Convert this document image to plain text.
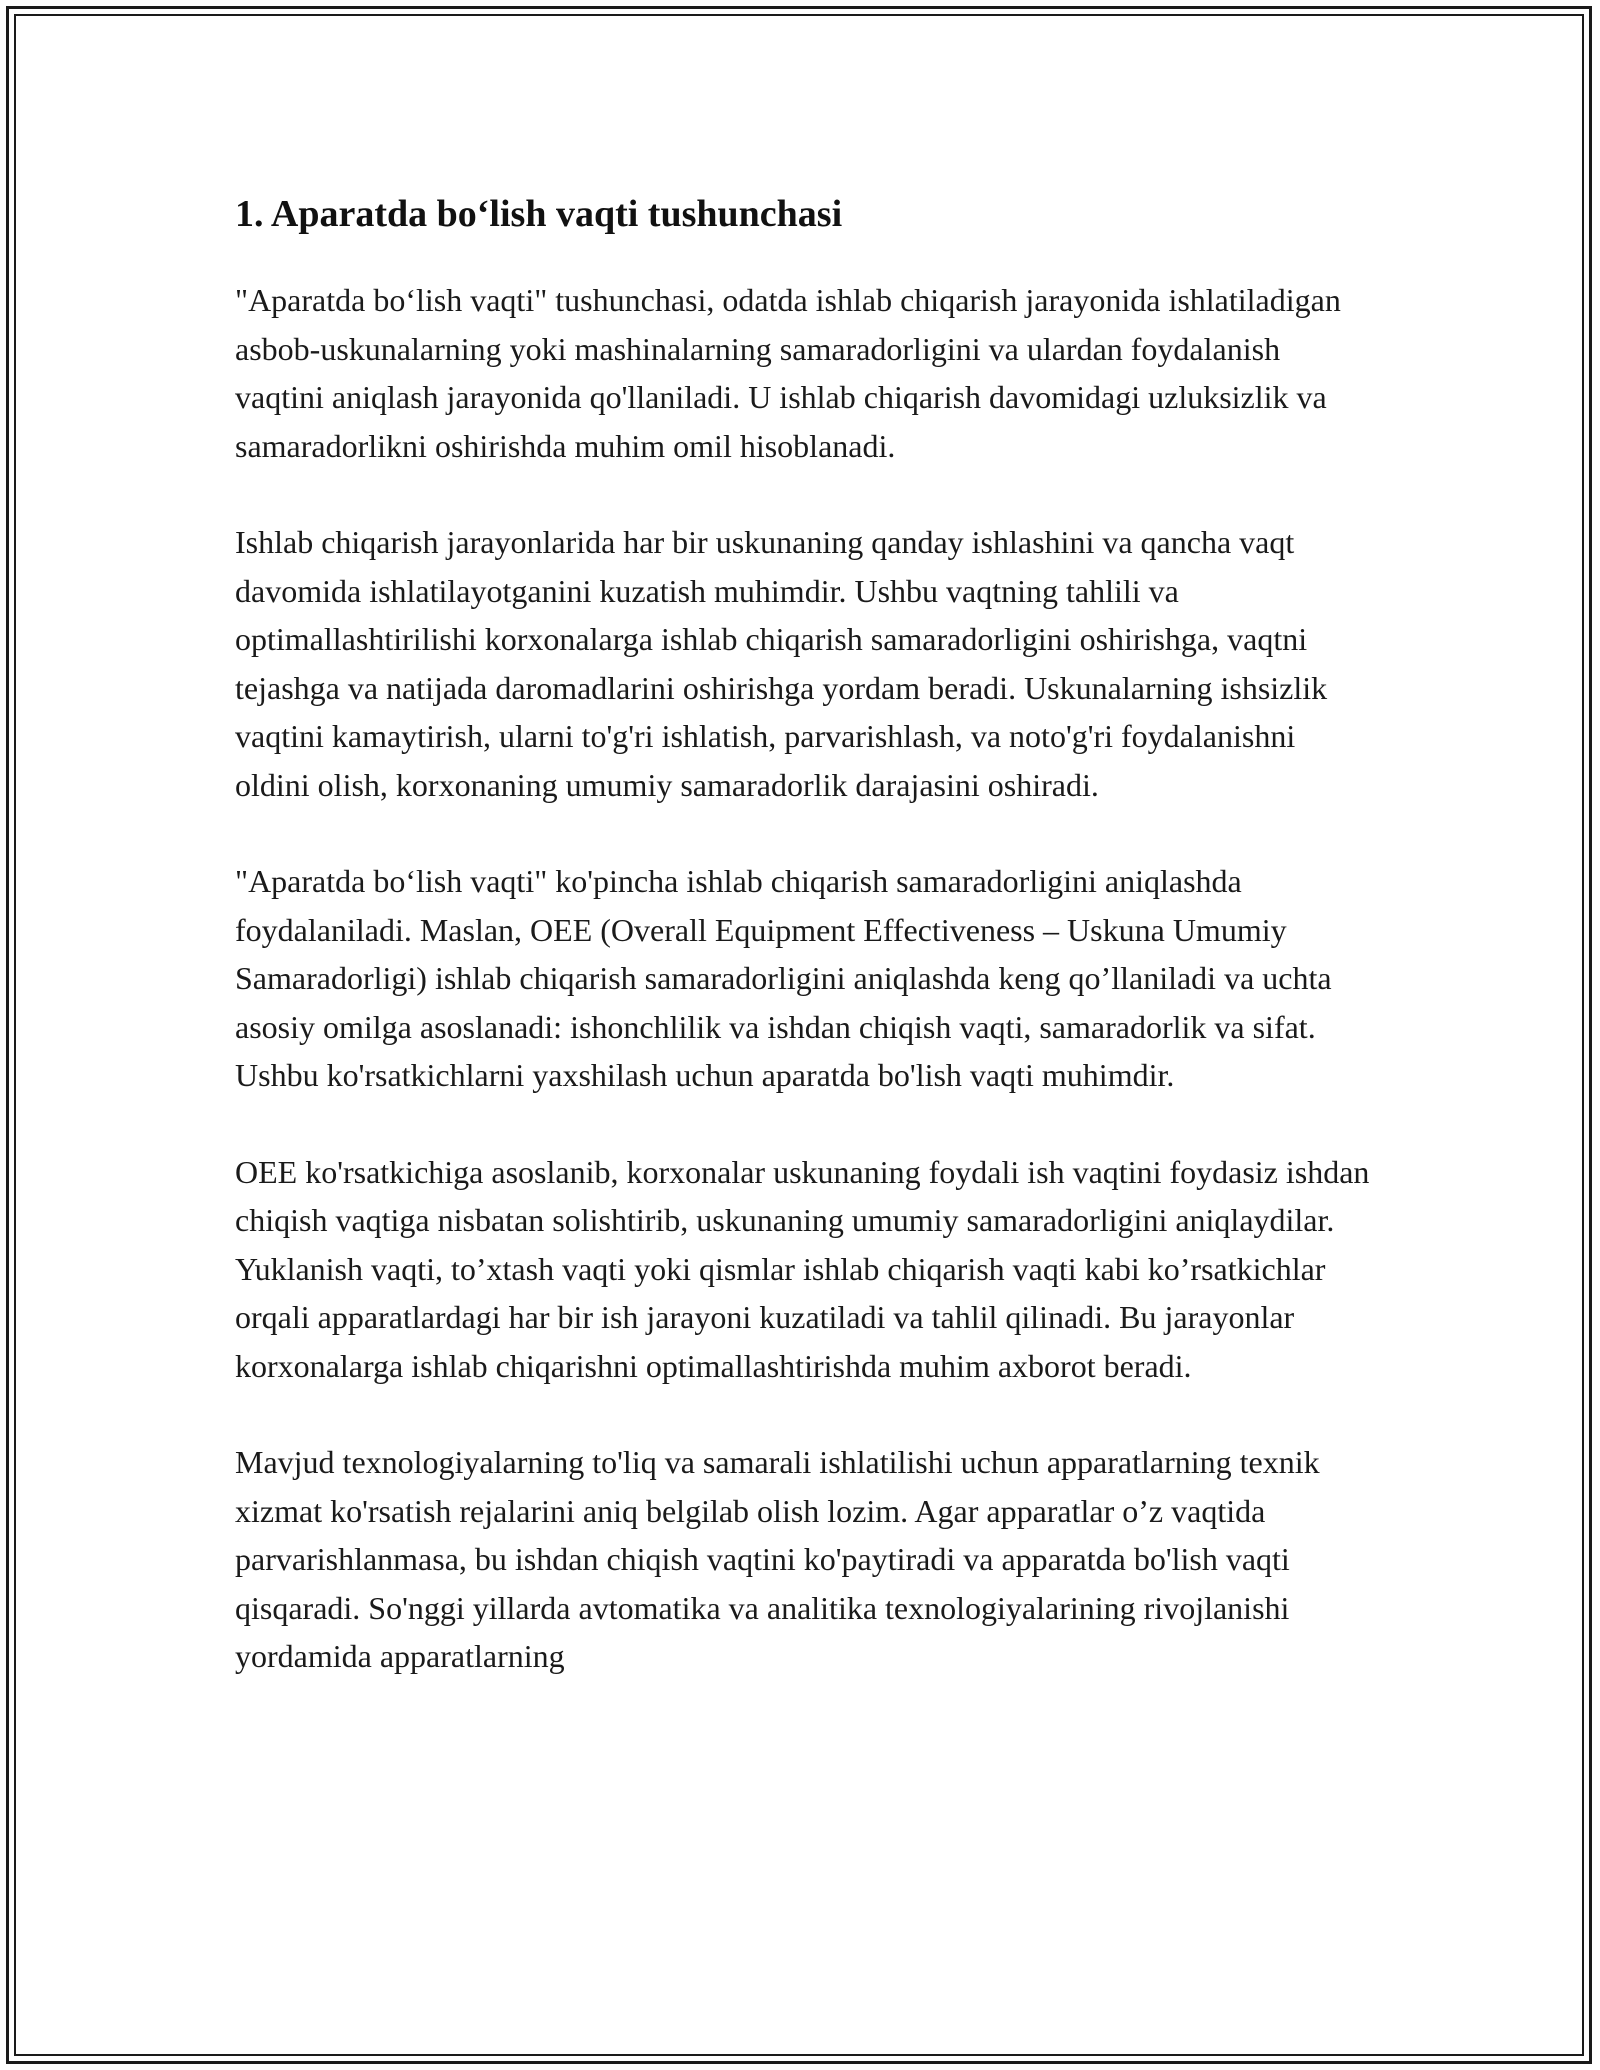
1. Aparatda bo‘lish vaqti tushunchasi

"Aparatda bo‘lish vaqti" tushunchasi, odatda ishlab chiqarish jarayonida ishlatiladigan asbob-uskunalarning yoki mashinalarning samaradorligini va ulardan foydalanish vaqtini aniqlash jarayonida qo'llaniladi. U ishlab chiqarish davomidagi uzluksizlik va samaradorlikni oshirishda muhim omil hisoblanadi.

Ishlab chiqarish jarayonlarida har bir uskunaning qanday ishlashini va qancha vaqt davomida ishlatilayotganini kuzatish muhimdir. Ushbu vaqtning tahlili va optimallashtirilishi korxonalarga ishlab chiqarish samaradorligini oshirishga, vaqtni tejashga va natijada daromadlarini oshirishga yordam beradi. Uskunalarning ishsizlik vaqtini kamaytirish, ularni to'g'ri ishlatish, parvarishlash, va noto'g'ri foydalanishni oldini olish, korxonaning umumiy samaradorlik darajasini oshiradi.

"Aparatda bo‘lish vaqti" ko'pincha ishlab chiqarish samaradorligini aniqlashda foydalaniladi. Maslan, OEE (Overall Equipment Effectiveness – Uskuna Umumiy Samaradorligi) ishlab chiqarish samaradorligini aniqlashda keng qo’llaniladi va uchta asosiy omilga asoslanadi: ishonchlilik va ishdan chiqish vaqti, samaradorlik va sifat. Ushbu ko'rsatkichlarni yaxshilash uchun aparatda bo'lish vaqti muhimdir.

OEE ko'rsatkichiga asoslanib, korxonalar uskunaning foydali ish vaqtini foydasiz ishdan chiqish vaqtiga nisbatan solishtirib, uskunaning umumiy samaradorligini aniqlaydilar. Yuklanish vaqti, to’xtash vaqti yoki qismlar ishlab chiqarish vaqti kabi ko’rsatkichlar orqali apparatlardagi har bir ish jarayoni kuzatiladi va tahlil qilinadi. Bu jarayonlar korxonalarga ishlab chiqarishni optimallashtirishda muhim axborot beradi.

Mavjud texnologiyalarning to'liq va samarali ishlatilishi uchun apparatlarning texnik xizmat ko'rsatish rejalarini aniq belgilab olish lozim. Agar apparatlar o’z vaqtida parvarishlanmasa, bu ishdan chiqish vaqtini ko'paytiradi va apparatda bo'lish vaqti qisqaradi. So'nggi yillarda avtomatika va analitika texnologiyalarining rivojlanishi yordamida apparatlarning
